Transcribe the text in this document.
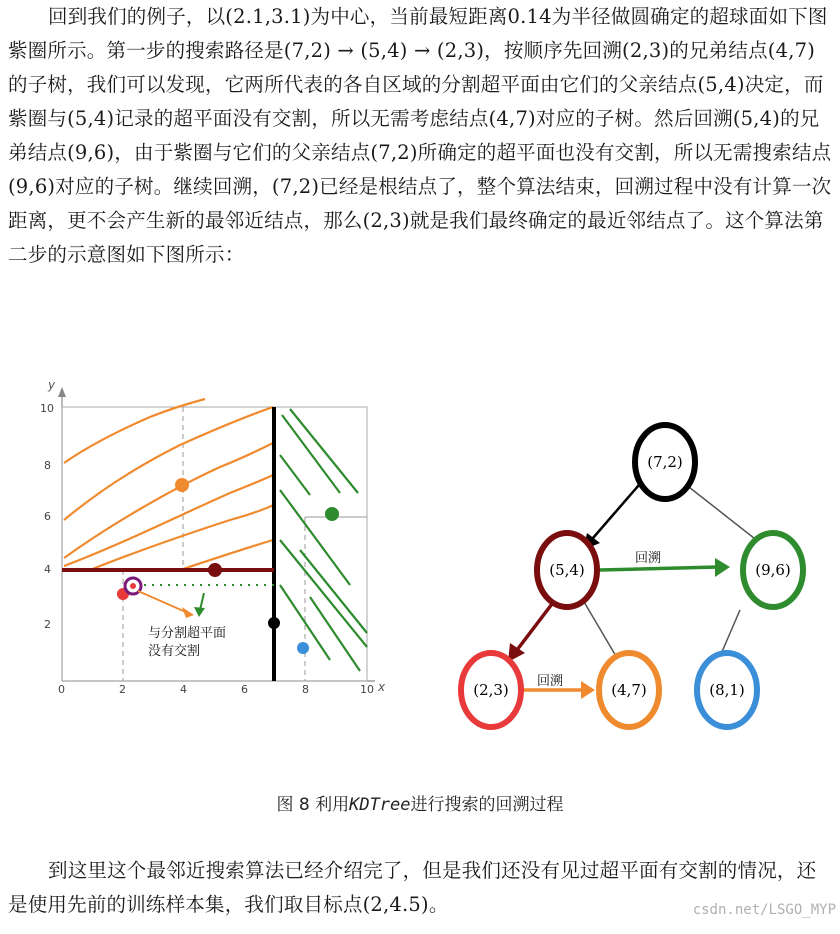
回到我们的例子，以(2.1,3.1)为中心，当前最短距离0.14为半径做圆确定的超球面如下图紫圈所示。第一步的搜索路径是(7,2) → (5,4) → (2,3)，按顺序先回溯(2,3)的兄弟结点(4,7)的子树，我们可以发现，它两所代表的各自区域的分割超平面由它们的父亲结点(5,4)决定，而紫圈与(5,4)记录的超平面没有交割，所以无需考虑结点(4,7)对应的子树。然后回溯(5,4)的兄弟结点(9,6)，由于紫圈与它们的父亲结点(7,2)所确定的超平面也没有交割，所以无需搜索结点(9,6)对应的子树。继续回溯，(7,2)已经是根结点了，整个算法结束，回溯过程中没有计算一次距离，更不会产生新的最邻近结点，那么(2,3)就是我们最终确定的最近邻结点了。这个算法第二步的示意图如下图所示：

y
x
10
8
6
4
2
0	2	4	6	8	10
与分割超平面
没有交割
回溯
回溯
(7,2)
(5,4)	(9,6)
(2,3)	(4,7)	(8,1)
图 8 利用KDTree进行搜索的回溯过程

到这里这个最邻近搜索算法已经介绍完了，但是我们还没有见过超平面有交割的情况，还是使用先前的训练样本集，我们取目标点(2,4.5)。	csdn.net/LSGO_MYP
